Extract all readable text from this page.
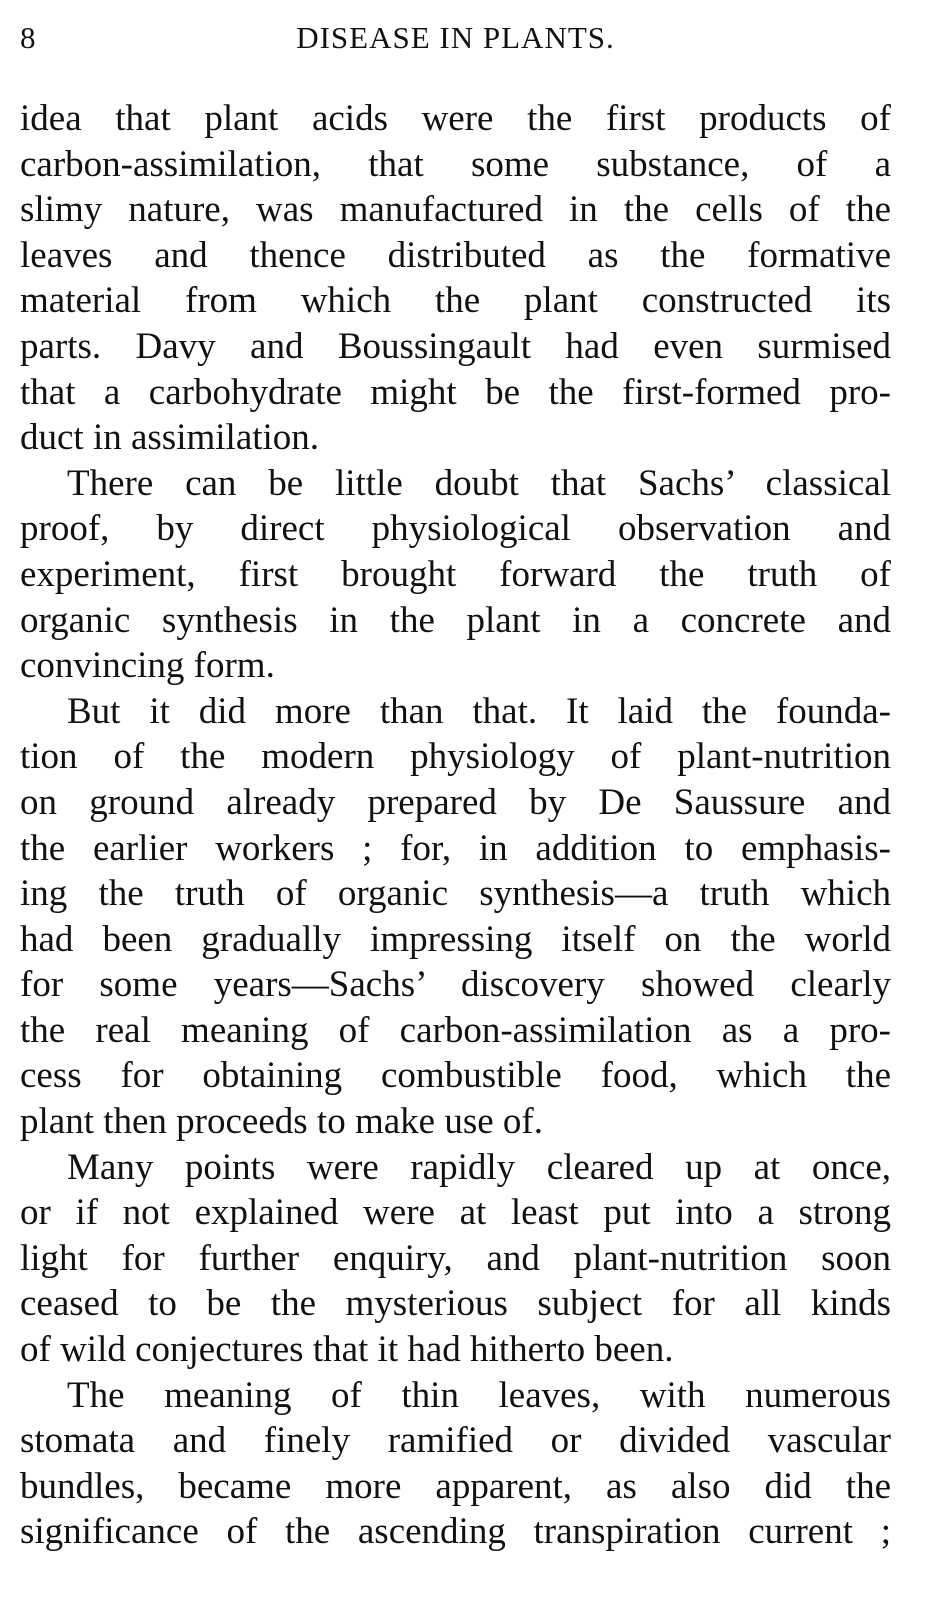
8	DISEASE IN PLANTS.
idea that plant acids were the first products of
carbon-assimilation, that some substance, of a
slimy nature, was manufactured in the cells of the
leaves and thence distributed as the formative
material from which the plant constructed its
parts. Davy and Boussingault had even surmised
that a carbohydrate might be the first-formed pro-
duct in assimilation.
There can be little doubt that Sachs’ classical
proof, by direct physiological observation and
experiment, first brought forward the truth of
organic synthesis in the plant in a concrete and
convincing form.
But it did more than that. It laid the founda-
tion of the modern physiology of plant-nutrition
on ground already prepared by De Saussure and
the earlier workers ; for, in addition to emphasis-
ing the truth of organic synthesis—a truth which
had been gradually impressing itself on the world
for some years—Sachs’ discovery showed clearly
the real meaning of carbon-assimilation as a pro-
cess for obtaining combustible food, which the
plant then proceeds to make use of.
Many points were rapidly cleared up at once,
or if not explained were at least put into a strong
light for further enquiry, and plant-nutrition soon
ceased to be the mysterious subject for all kinds
of wild conjectures that it had hitherto been.
The meaning of thin leaves, with numerous
stomata and finely ramified or divided vascular
bundles, became more apparent, as also did the
significance of the ascending transpiration current ;
